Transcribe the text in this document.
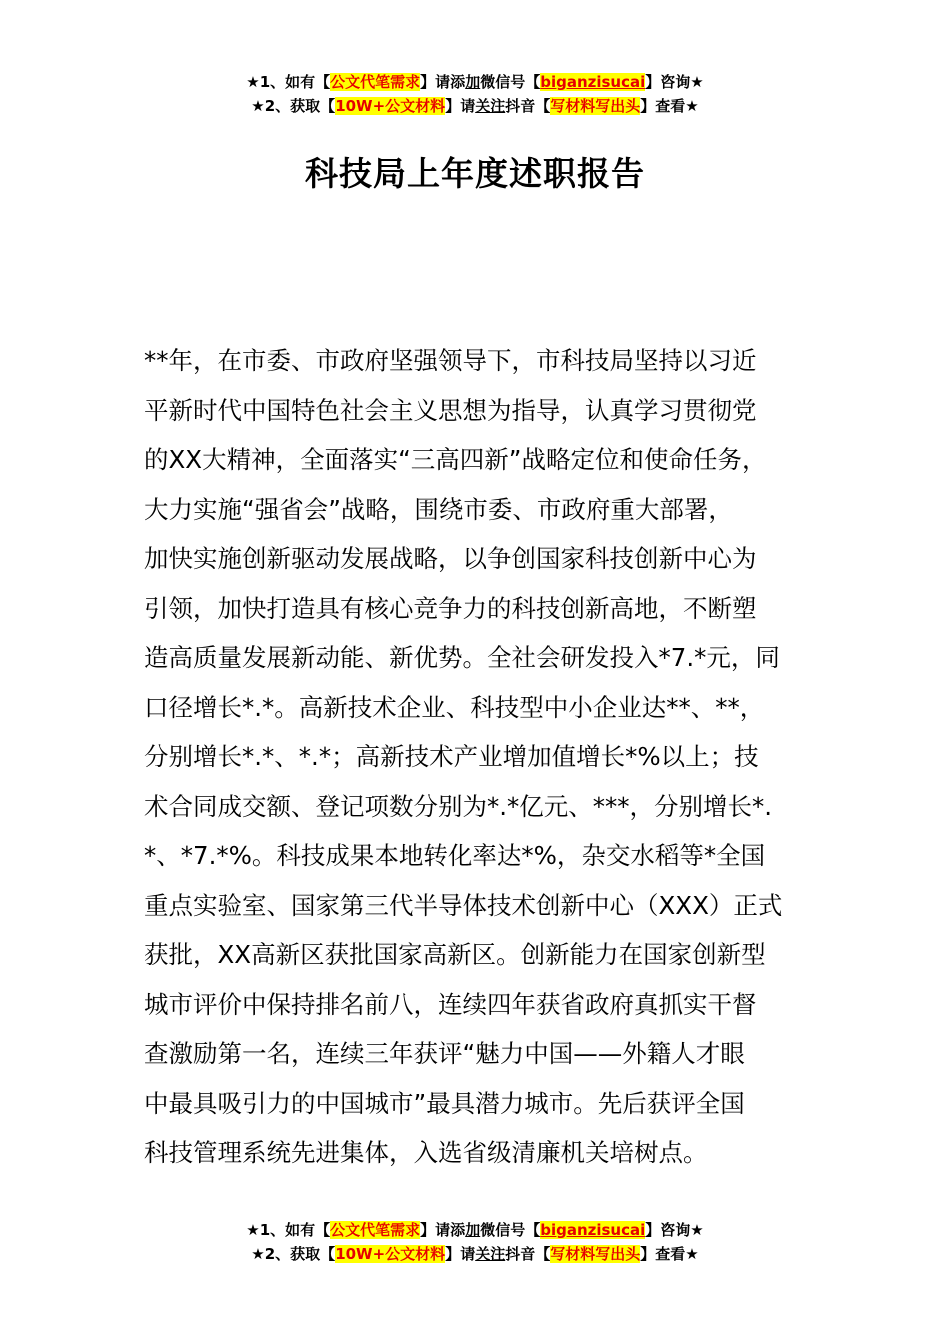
★1、如有【公文代笔需求】请添加微信号【biganzisucai】咨询★
★2、获取【10W+公文材料】请关注抖音【写材料写出头】查看★
科技局上年度述职报告
**年，在市委、市政府坚强领导下，市科技局坚持以习近
平新时代中国特色社会主义思想为指导，认真学习贯彻党
的XX大精神，全面落实“三高四新”战略定位和使命任务，
大力实施“强省会”战略，围绕市委、市政府重大部署，
加快实施创新驱动发展战略，以争创国家科技创新中心为
引领，加快打造具有核心竞争力的科技创新高地，不断塑
造高质量发展新动能、新优势。全社会研发投入*7.*元，同
口径增长*.*。高新技术企业、科技型中小企业达**、**，
分别增长*.*、*.*；高新技术产业增加值增长*%以上；技
术合同成交额、登记项数分别为*.*亿元、***，分别增长*.
*、*7.*%。科技成果本地转化率达*%，杂交水稻等*全国
重点实验室、国家第三代半导体技术创新中心（XXX）正式
获批，XX高新区获批国家高新区。创新能力在国家创新型
城市评价中保持排名前八，连续四年获省政府真抓实干督
查激励第一名，连续三年获评“魅力中国——外籍人才眼
中最具吸引力的中国城市”最具潜力城市。先后获评全国
科技管理系统先进集体，入选省级清廉机关培树点。
★1、如有【公文代笔需求】请添加微信号【biganzisucai】咨询★
★2、获取【10W+公文材料】请关注抖音【写材料写出头】查看★
